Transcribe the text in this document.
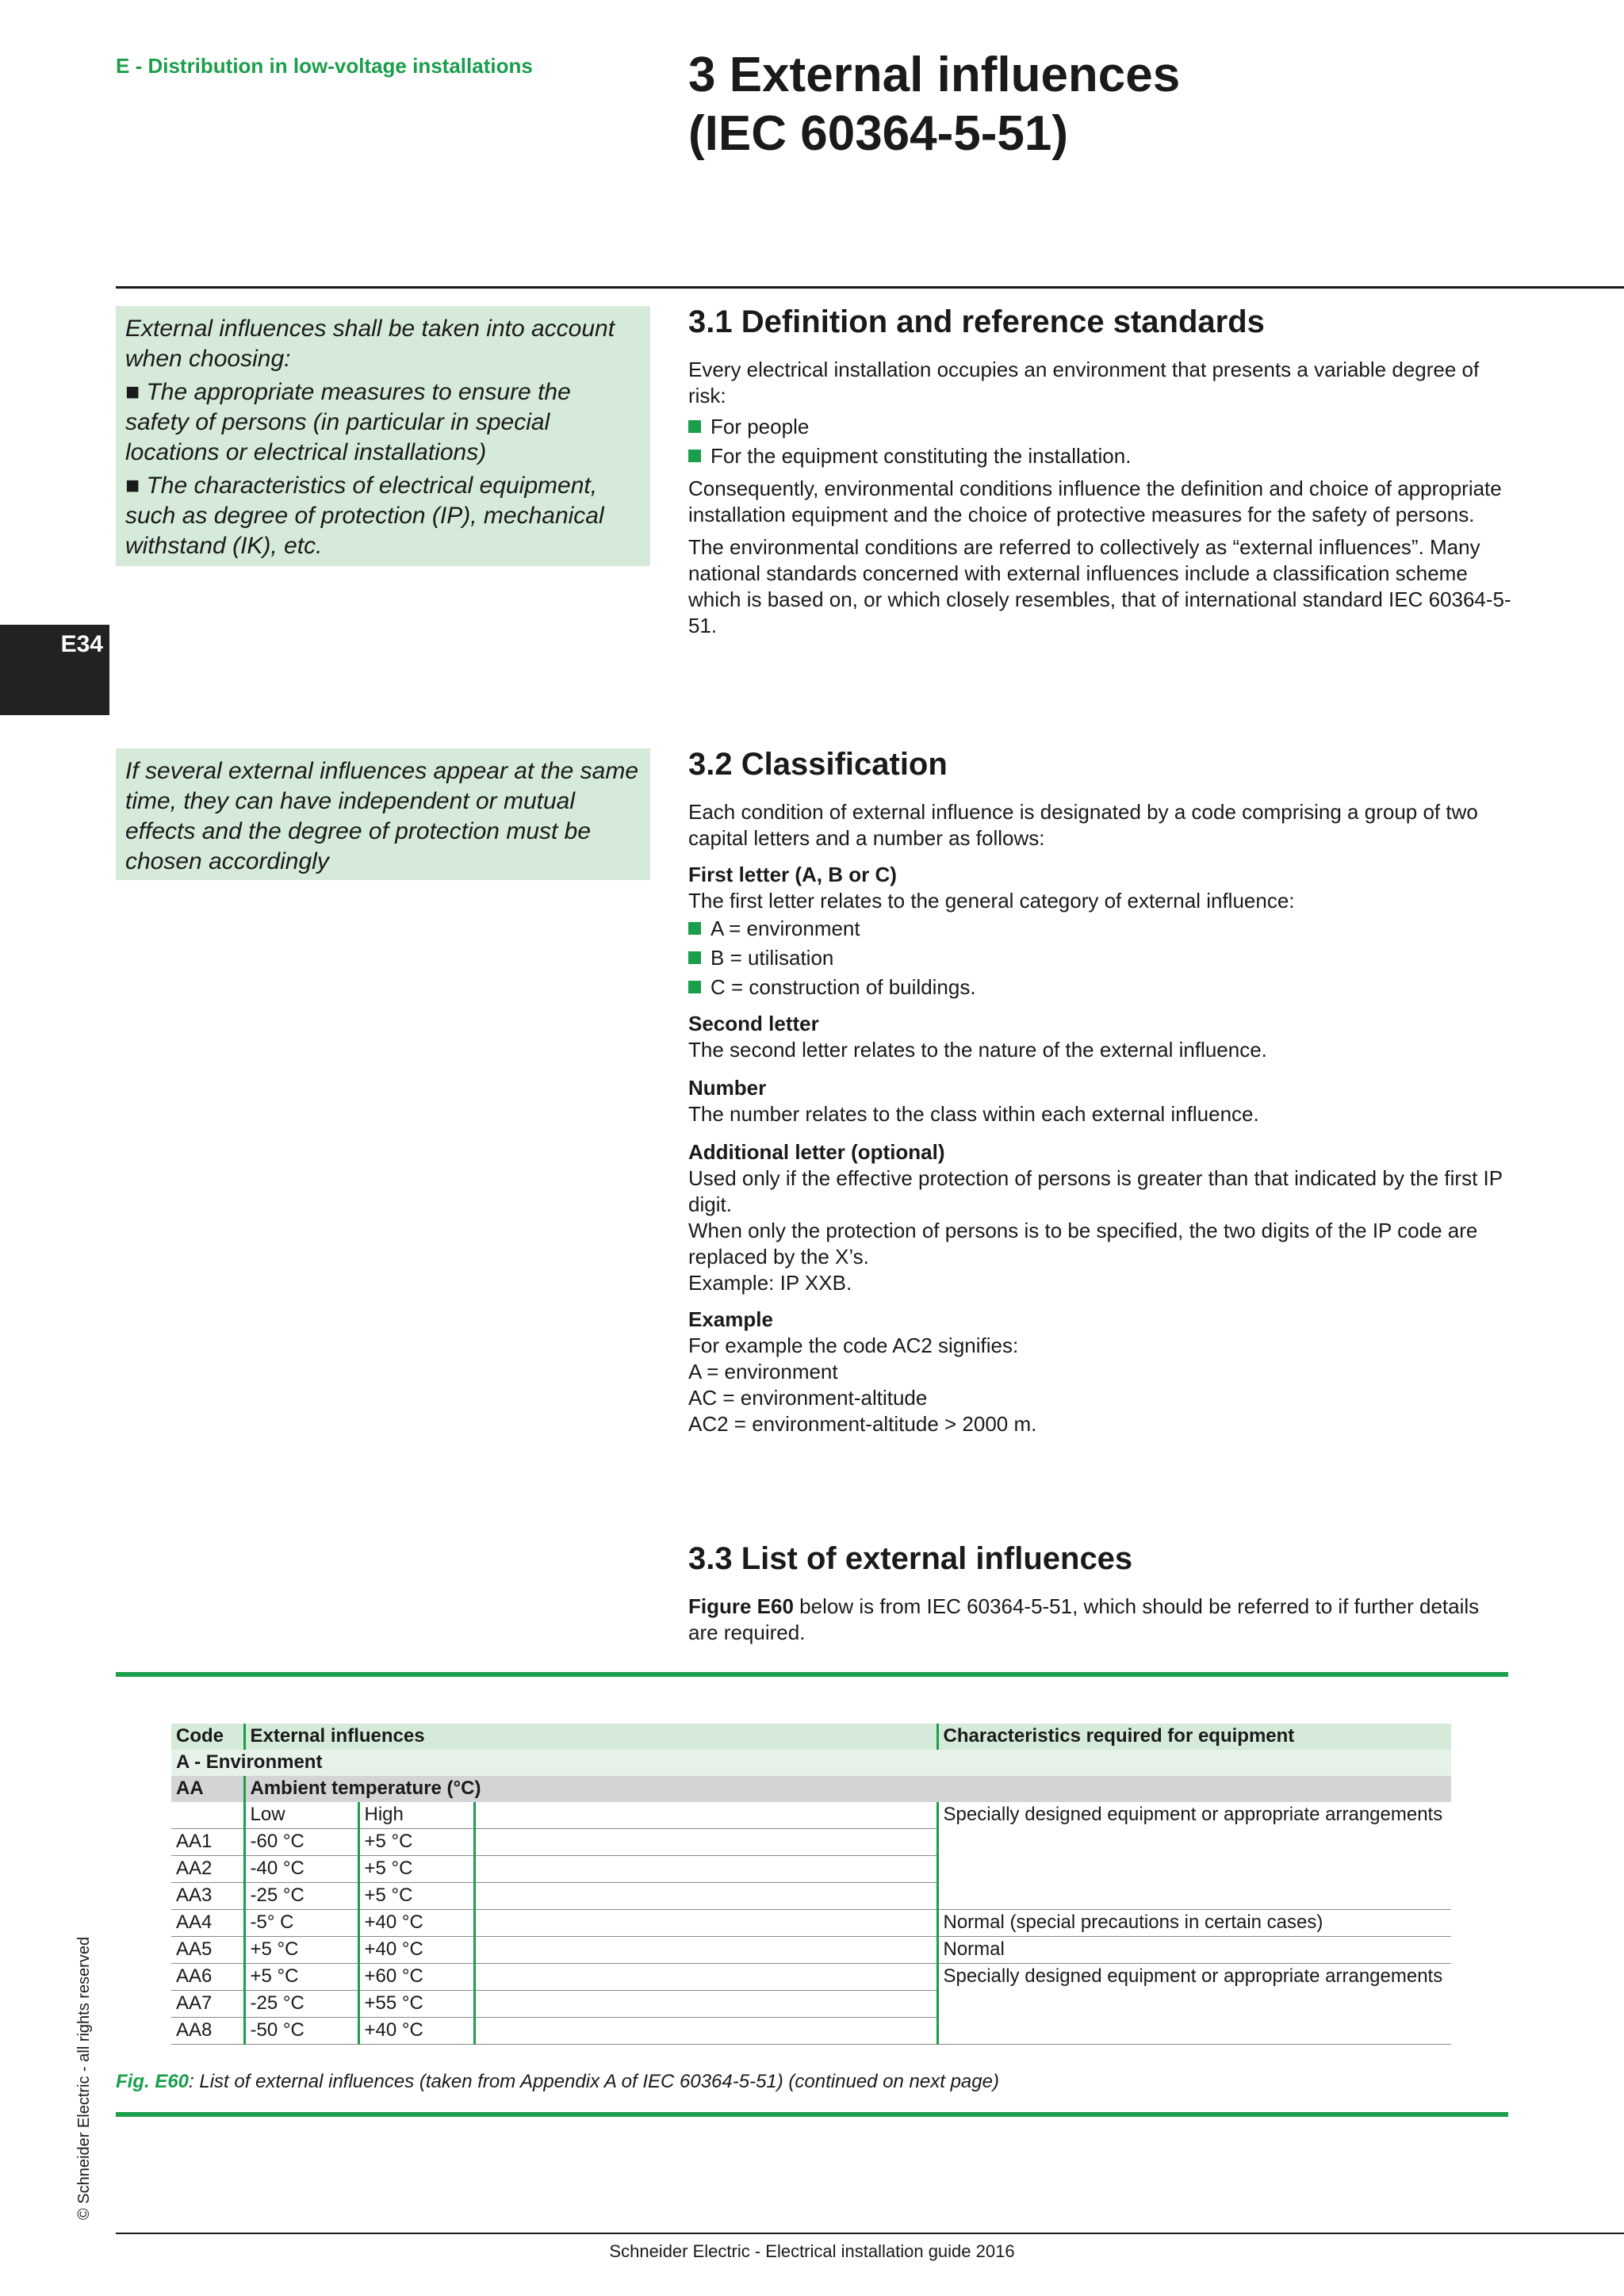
E - Distribution in low-voltage installations	3 External influences
(IEC 60364-5-51)

External influences shall be taken into account when choosing:

■ The appropriate measures to ensure the safety of persons (in particular in special locations or electrical installations)

■ The characteristics of electrical equipment, such as degree of protection (IP), mechanical withstand (IK), etc.

E34

If several external influences appear at the same time, they can have independent or mutual effects and the degree of protection must be chosen accordingly

© Schneider Electric - all rights reserved
3.1 Definition and reference standards

Every electrical installation occupies an environment that presents a variable degree of risk:

For people

For the equipment constituting the installation.

Consequently, environmental conditions influence the definition and choice of appropriate installation equipment and the choice of protective measures for the safety of persons.

The environmental conditions are referred to collectively as “external influences”. Many national standards concerned with external influences include a classification scheme which is based on, or which closely resembles, that of international standard IEC 60364-5-51.

3.2 Classification

Each condition of external influence is designated by a code comprising a group of two capital letters and a number as follows:

First letter (A, B or C)

The first letter relates to the general category of external influence:

A = environment

B = utilisation

C = construction of buildings.

Second letter

The second letter relates to the nature of the external influence.

Number

The number relates to the class within each external influence.

Additional letter (optional)

Used only if the effective protection of persons is greater than that indicated by the first IP digit.

When only the protection of persons is to be specified, the two digits of the IP code are replaced by the X’s.

Example: IP XXB.

Example

For example the code AC2 signifies:

A = environment

AC = environment-altitude

AC2 = environment-altitude > 2000 m.

3.3 List of external influences

Figure E60 below is from IEC 60364-5-51, which should be referred to if further details are required.

Code	External influences			Characteristics required for equipment
A - Environment				
AA	Ambient temperature (°C)			
	Low	High		Specially designed equipment or appropriate arrangements
AA1	-60 °C	+5 °C		
AA2	-40 °C	+5 °C		
AA3	-25 °C	+5 °C		
AA4	-5° C	+40 °C		Normal (special precautions in certain cases)
AA5	+5 °C	+40 °C		Normal
AA6	+5 °C	+60 °C		Specially designed equipment or appropriate arrangements
AA7	-25 °C	+55 °C		
AA8	-50 °C	+40 °C		
Fig. E60: List of external influences (taken from Appendix A of IEC 60364-5-51) (continued on next page)
Schneider Electric - Electrical installation guide 2016
